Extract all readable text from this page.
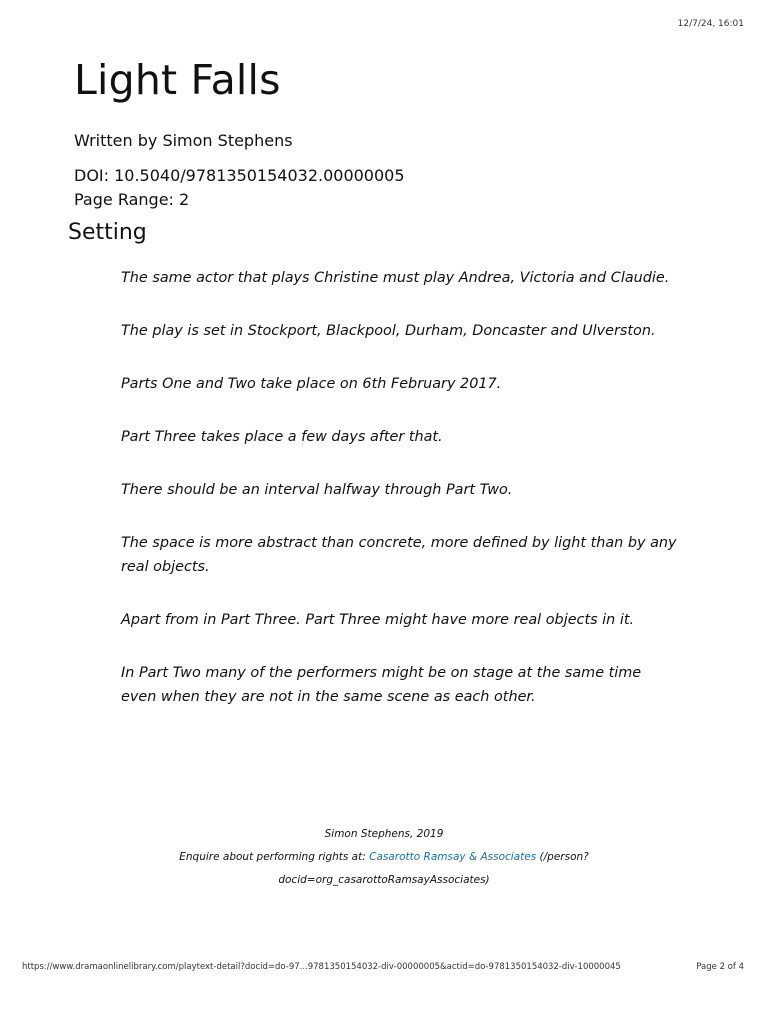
12/7/24, 16:01
Light Falls
Written by Simon Stephens
DOI: 10.5040/9781350154032.00000005
Page Range: 2
Setting

The same actor that plays Christine must play Andrea, Victoria and Claudie.

The play is set in Stockport, Blackpool, Durham, Doncaster and Ulverston.

Parts One and Two take place on 6th February 2017.

Part Three takes place a few days after that.

There should be an interval halfway through Part Two.

The space is more abstract than concrete, more defined by light than by any real objects.

Apart from in Part Three. Part Three might have more real objects in it.

In Part Two many of the performers might be on stage at the same time even when they are not in the same scene as each other.

Simon Stephens, 2019

Enquire about performing rights at: Casarotto Ramsay & Associates (/person?

docid=org_casarottoRamsayAssociates)

https://www.dramaonlinelibrary.com/playtext-detail?docid=do-97...9781350154032-div-00000005&actid=do-9781350154032-div-10000045	Page 2 of 4
